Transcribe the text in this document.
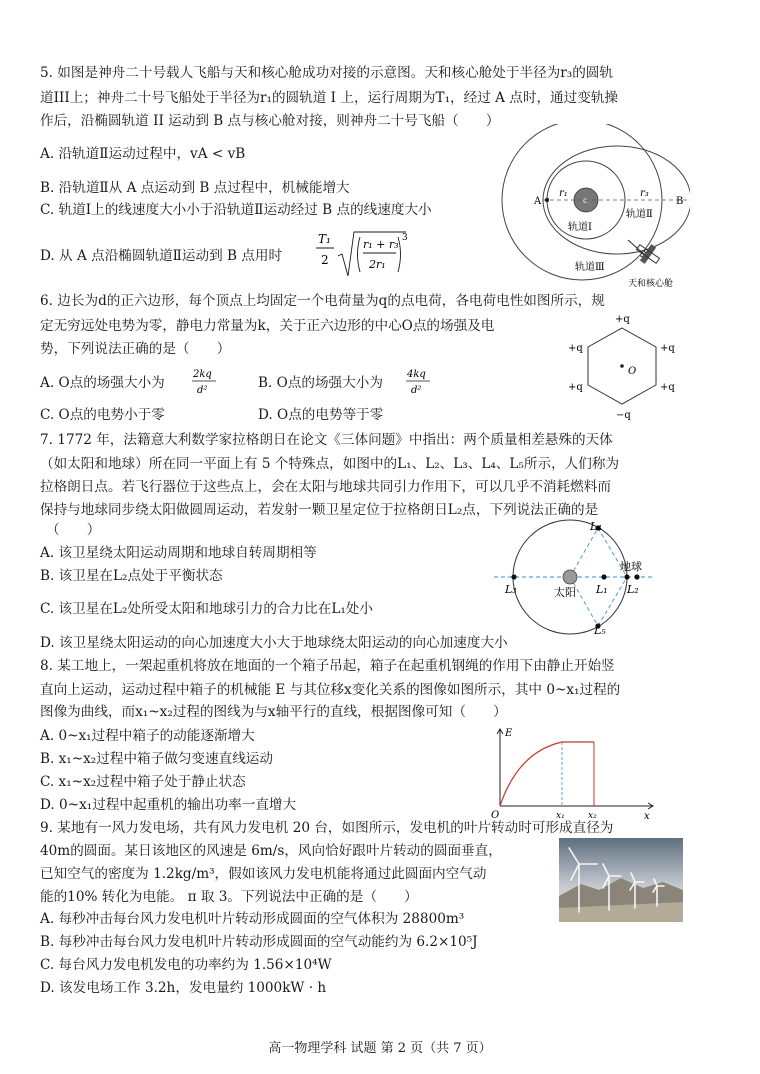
5. 如图是神舟二十号载人飞船与天和核心舱成功对接的示意图。天和核心舱处于半径为r₃的圆轨
道III上；神舟二十号飞船处于半径为r₁的圆轨道 I 上，运行周期为T₁，经过 A 点时，通过变轨操
作后，沿椭圆轨道 II 运动到 B 点与核心舱对接，则神舟二十号飞船（　　）
A. 沿轨道Ⅱ运动过程中，vA < vB
B. 沿轨道Ⅱ从 A 点运动到 B 点过程中，机械能增大
C. 轨道Ⅰ上的线速度大小小于沿轨道Ⅱ运动经过 B 点的线速度大小
D. 从 A 点沿椭圆轨道Ⅱ运动到 B 点用时
T₁
2
r₁ + r₃
2r₁
3
A	B
c
r₁	r₃
轨道Ⅰ
轨道Ⅱ
轨道Ⅲ
天和核心舱
6. 边长为d的正六边形，每个顶点上均固定一个电荷量为q的点电荷，各电荷电性如图所示，规
定无穷远处电势为零，静电力常量为k，关于正六边形的中心O点的场强及电
势，下列说法正确的是（　　）
A. O点的场强大小为
2kq
d²	B. O点的场强大小为
4kq
d²
C. O点的电势小于零	D. O点的电势等于零
O
+q
+q	+q
+q	+q
−q
7. 1772 年，法籍意大利数学家拉格朗日在论文《三体问题》中指出：两个质量相差悬殊的天体
（如太阳和地球）所在同一平面上有 5 个特殊点，如图中的L₁、L₂、L₃、L₄、L₅所示，人们称为
拉格朗日点。若飞行器位于这些点上，会在太阳与地球共同引力作用下，可以几乎不消耗燃料而
保持与地球同步绕太阳做圆周运动，若发射一颗卫星定位于拉格朗日L₂点，下列说法正确的是
（　　）
A. 该卫星绕太阳运动周期和地球自转周期相等
B. 该卫星在L₂点处于平衡状态
C. 该卫星在L₂处所受太阳和地球引力的合力比在L₁处小
D. 该卫星绕太阳运动的向心加速度大小大于地球绕太阳运动的向心加速度大小
L₄
L₅
L₃	L₁ L₂
太阳
地球
8. 某工地上，一架起重机将放在地面的一个箱子吊起，箱子在起重机钢绳的作用下由静止开始竖
直向上运动，运动过程中箱子的机械能 E 与其位移x变化关系的图像如图所示，其中 0~x₁过程的
图像为曲线，而x₁~x₂过程的图线为与x轴平行的直线，根据图像可知（　　）
A. 0~x₁过程中箱子的动能逐渐增大
B. x₁~x₂过程中箱子做匀变速直线运动
C. x₁~x₂过程中箱子处于静止状态
D. 0~x₁过程中起重机的输出功率一直增大
E
O	x
x₁	x₂
9. 某地有一风力发电场，共有风力发电机 20 台，如图所示，发电机的叶片转动时可形成直径为
40m的圆面。某日该地区的风速是 6m/s，风向恰好跟叶片转动的圆面垂直，
已知空气的密度为 1.2kg/m³，假如该风力发电机能将通过此圆面内空气动
能的10% 转化为电能。 π 取 3。下列说法中正确的是（　　）
A. 每秒冲击每台风力发电机叶片转动形成圆面的空气体积为 28800m³
B. 每秒冲击每台风力发电机叶片转动形成圆面的空气动能约为 6.2×10⁵J
C. 每台风力发电机发电的功率约为 1.56×10⁴W
D. 该发电场工作 3.2h，发电量约 1000kW · h
高一物理学科 试题 第 2 页（共 7 页）
